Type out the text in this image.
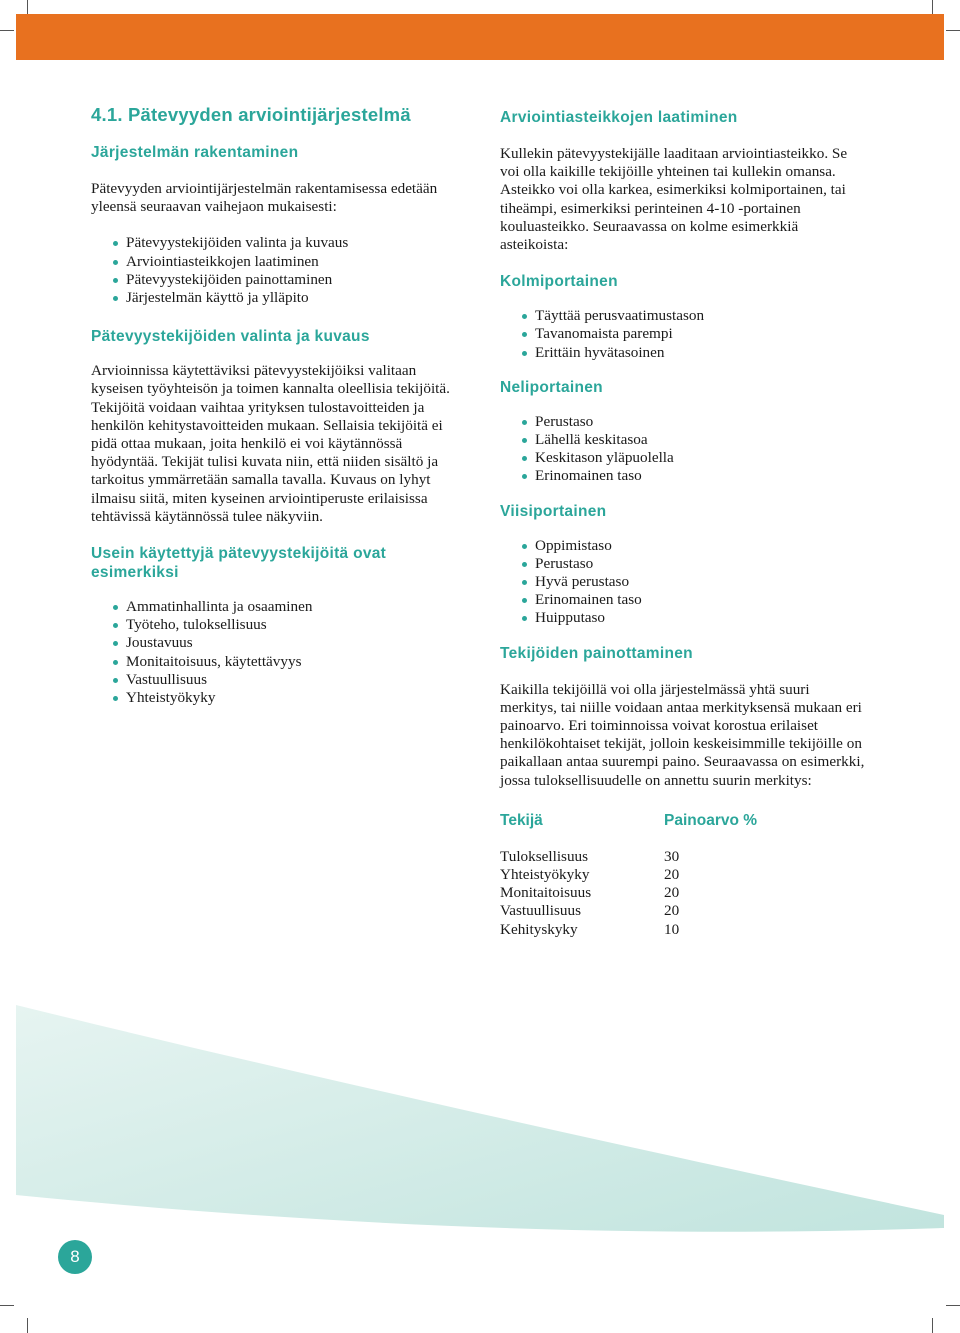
4.1. Pätevyyden arviointijärjestelmä
Järjestelmän rakentaminen

Pätevyyden arviointijärjestelmän rakentamisessa edetään yleensä seuraavan vaihejaon mukaisesti:

Pätevyystekijöiden valinta ja kuvaus
Arviointiasteikkojen laatiminen
Pätevyystekijöiden painottaminen
Järjestelmän käyttö ja ylläpito
Pätevyystekijöiden valinta ja kuvaus

Arvioinnissa käytettäviksi pätevyystekijöiksi valitaan kyseisen työyhteisön ja toimen kannalta oleellisia tekijöitä. Tekijöitä voidaan vaihtaa yrityksen tulostavoitteiden ja henkilön kehitystavoitteiden mukaan. Sellaisia tekijöitä ei pidä ottaa mukaan, joita henkilö ei voi käytännössä hyödyntää. Tekijät tulisi kuvata niin, että niiden sisältö ja tarkoitus ymmärretään samalla tavalla. Kuvaus on lyhyt ilmaisu siitä, miten kyseinen arviointiperuste erilaisissa tehtävissä käytännössä tulee näkyviin.

Usein käytettyjä pätevyystekijöitä ovat
esimerkiksi
Ammatinhallinta ja osaaminen
Työteho, tuloksellisuus
Joustavuus
Monitaitoisuus, käytettävyys
Vastuullisuus
Yhteistyökyky
Arviointiasteikkojen laatiminen

Kullekin pätevyystekijälle laaditaan arviointiasteikko. Se voi olla kaikille tekijöille yhteinen tai kullekin omansa. Asteikko voi olla karkea, esimerkiksi kolmiportainen, tai tiheämpi, esimerkiksi perinteinen 4-10 -portainen kouluasteikko. Seuraavassa on kolme esimerkkiä asteikoista:

Kolmiportainen
Täyttää perusvaatimustason
Tavanomaista parempi
Erittäin hyvätasoinen
Neliportainen
Perustaso
Lähellä keskitasoa
Keskitason yläpuolella
Erinomainen taso
Viisiportainen
Oppimistaso
Perustaso
Hyvä perustaso
Erinomainen taso
Huipputaso
Tekijöiden painottaminen

Kaikilla tekijöillä voi olla järjestelmässä yhtä suuri merkitys, tai niille voidaan antaa merkityksensä mukaan eri painoarvo. Eri toiminnoissa voivat korostua erilaiset henkilökohtaiset tekijät, jolloin keskeisimmille tekijöille on paikallaan antaa suurempi paino. Seuraavassa on esimerkki, jossa tuloksellisuudelle on annettu suurin merkitys:

Tekijä	Painoarvo %
Tuloksellisuus	30
Yhteistyökyky	20
Monitaitoisuus	20
Vastuullisuus	20
Kehityskyky	10
8
